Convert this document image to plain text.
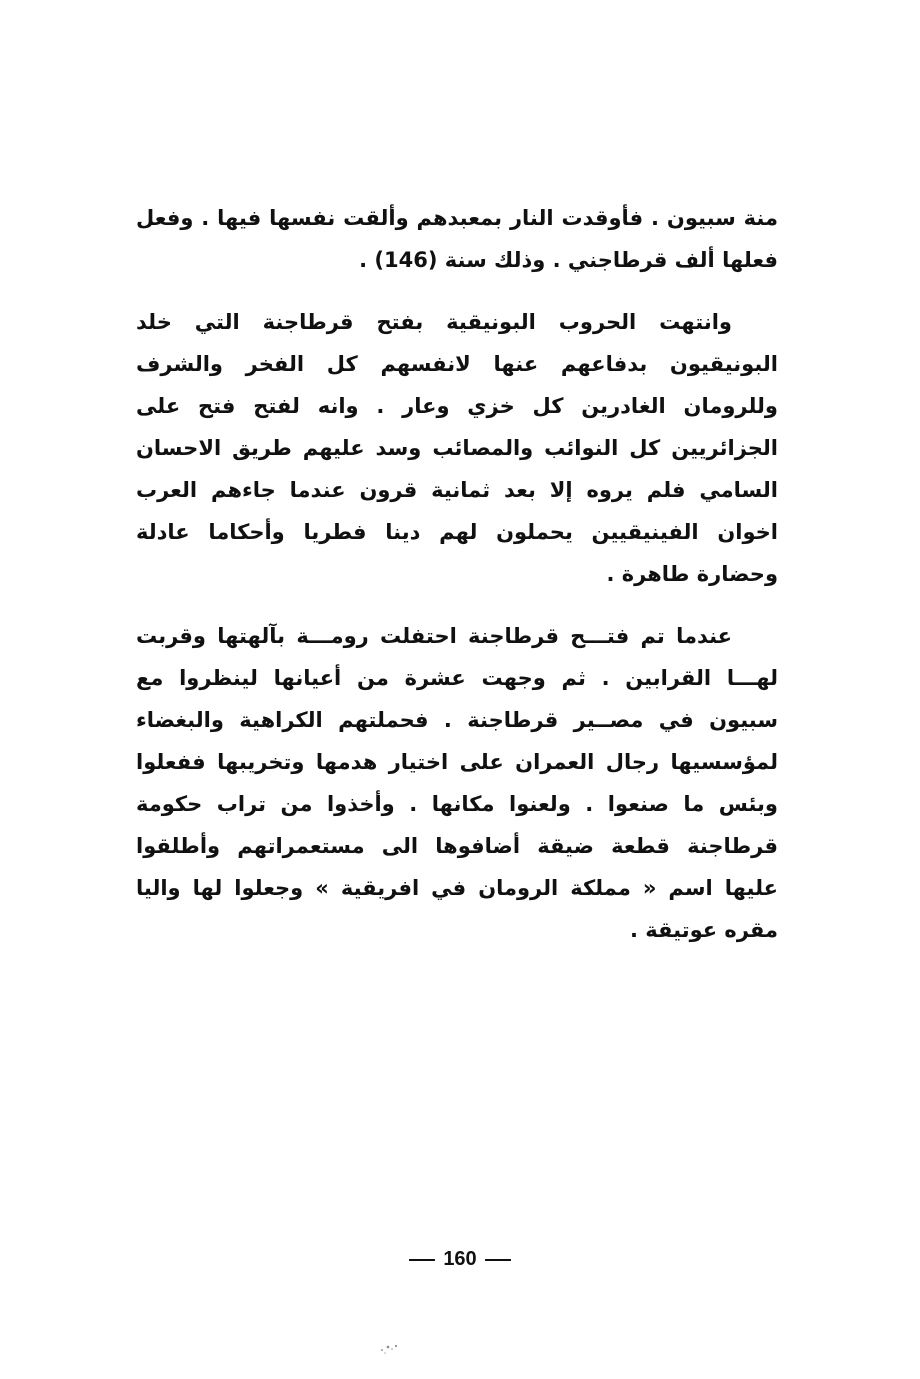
منة سبيون . فأوقدت النار بمعبدهم وألقت نفسها فيها . وفعل فعلها ألف قرطاجني . وذلك سنة (146) .

وانتهت الحروب البونيقية بفتح قرطاجنة التي خلد البونيقيون بدفاعهم عنها لانفسهم كل الفخر والشرف وللرومان الغادرين كل خزي وعار . وانه لفتح فتح على الجزائريين كل النوائب والمصائب وسد عليهم طريق الاحسان السامي فلم يروه إلا بعد ثمانية قرون عندما جاءهم العرب اخوان الفينيقيين يحملون لهم دينا فطريا وأحكاما عادلة وحضارة طاهرة .

عندما تم فتـــح قرطاجنة احتفلت رومـــة بآلهتها وقربت لهـــا القرابين . ثم وجهت عشرة من أعيانها لينظروا مع سبيون في مصــير قرطاجنة . فحملتهم الكراهية والبغضاء لمؤسسيها رجال العمران على اختيار هدمها وتخريبها ففعلوا وبئس ما صنعوا . ولعنوا مكانها . وأخذوا من تراب حكومة قرطاجنة قطعة ضيقة أضافوها الى مستعمراتهم وأطلقوا عليها اسم « مملكة الرومان في افريقية » وجعلوا لها واليا مقره عوتيقة .

160
